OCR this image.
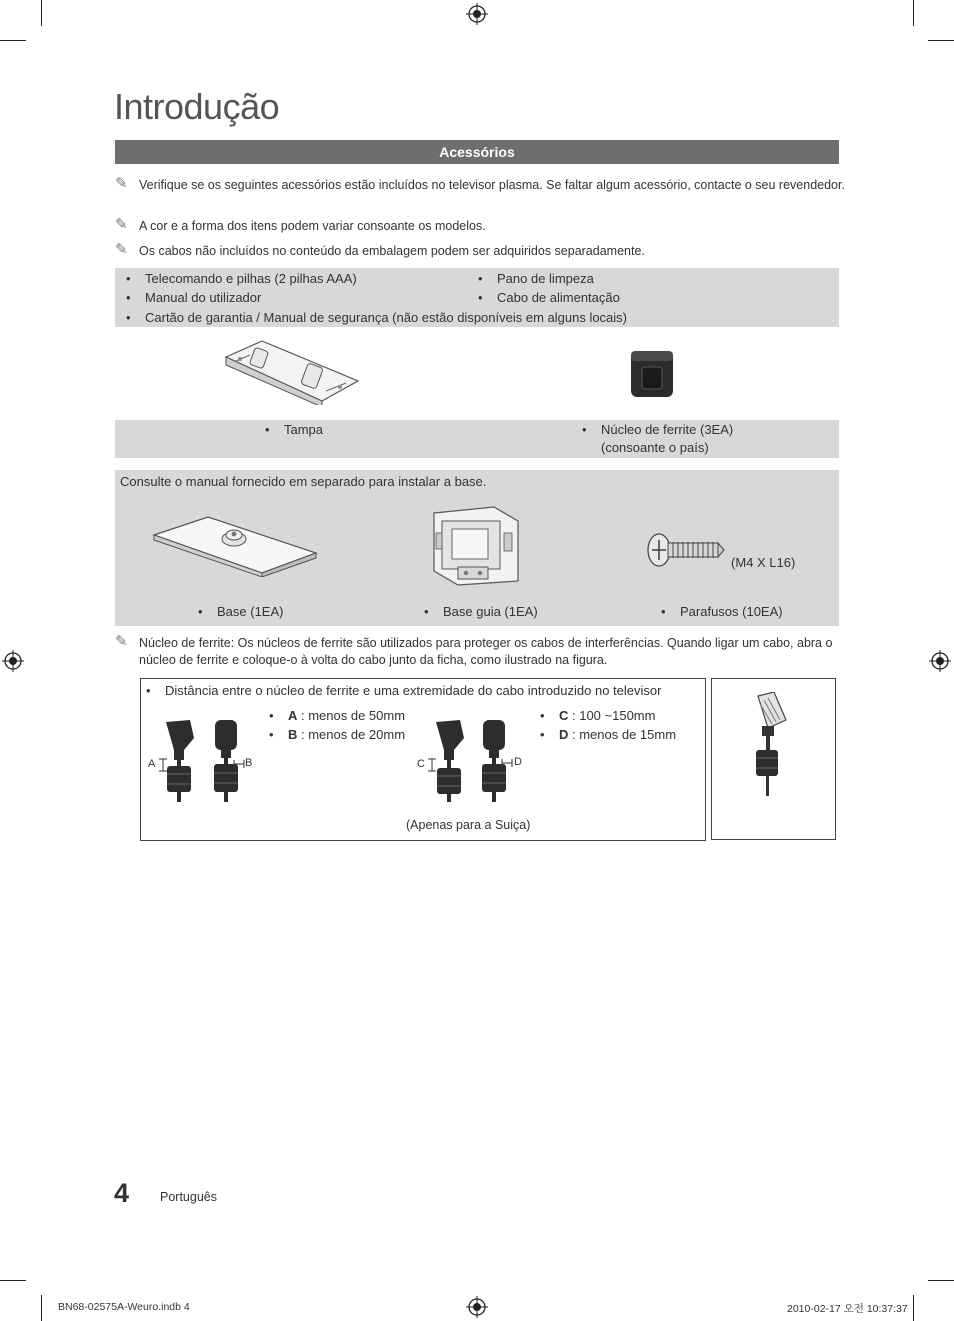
Introdução
Acessórios
✎ Verifique se os seguintes acessórios estão incluídos no televisor plasma. Se faltar algum acessório, contacte o seu revendedor.
✎ A cor e a forma dos itens podem variar consoante os modelos.
✎ Os cabos não incluídos no conteúdo da embalagem podem ser adquiridos separadamente.
• Telecomando e pilhas (2 pilhas AAA)	• Pano de limpeza
• Manual do utilizador	• Cabo de alimentação
• Cartão de garantia / Manual de segurança (não estão disponíveis em alguns locais)
• Tampa	• Núcleo de ferrite (3EA)
(consoante o país)
Consulte o manual fornecido em separado para instalar a base.
(M4 X L16)
• Base (1EA)	• Base guia (1EA)	• Parafusos (10EA)
✎ Núcleo de ferrite: Os núcleos de ferrite são utilizados para proteger os cabos de interferências. Quando ligar um cabo, abra o núcleo de ferrite e coloque-o à volta do cabo junto da ficha, como ilustrado na figura.
• Distância entre o núcleo de ferrite e uma extremidade do cabo introduzido no televisor
• A : menos de 50mm
• B : menos de 20mm
• C : 100 ~150mm
• D : menos de 15mm
A	B	C	D
(Apenas para a Suiça)
4 Português
BN68-02575A-Weuro.indb 4	2010-02-17 오전 10:37:37
